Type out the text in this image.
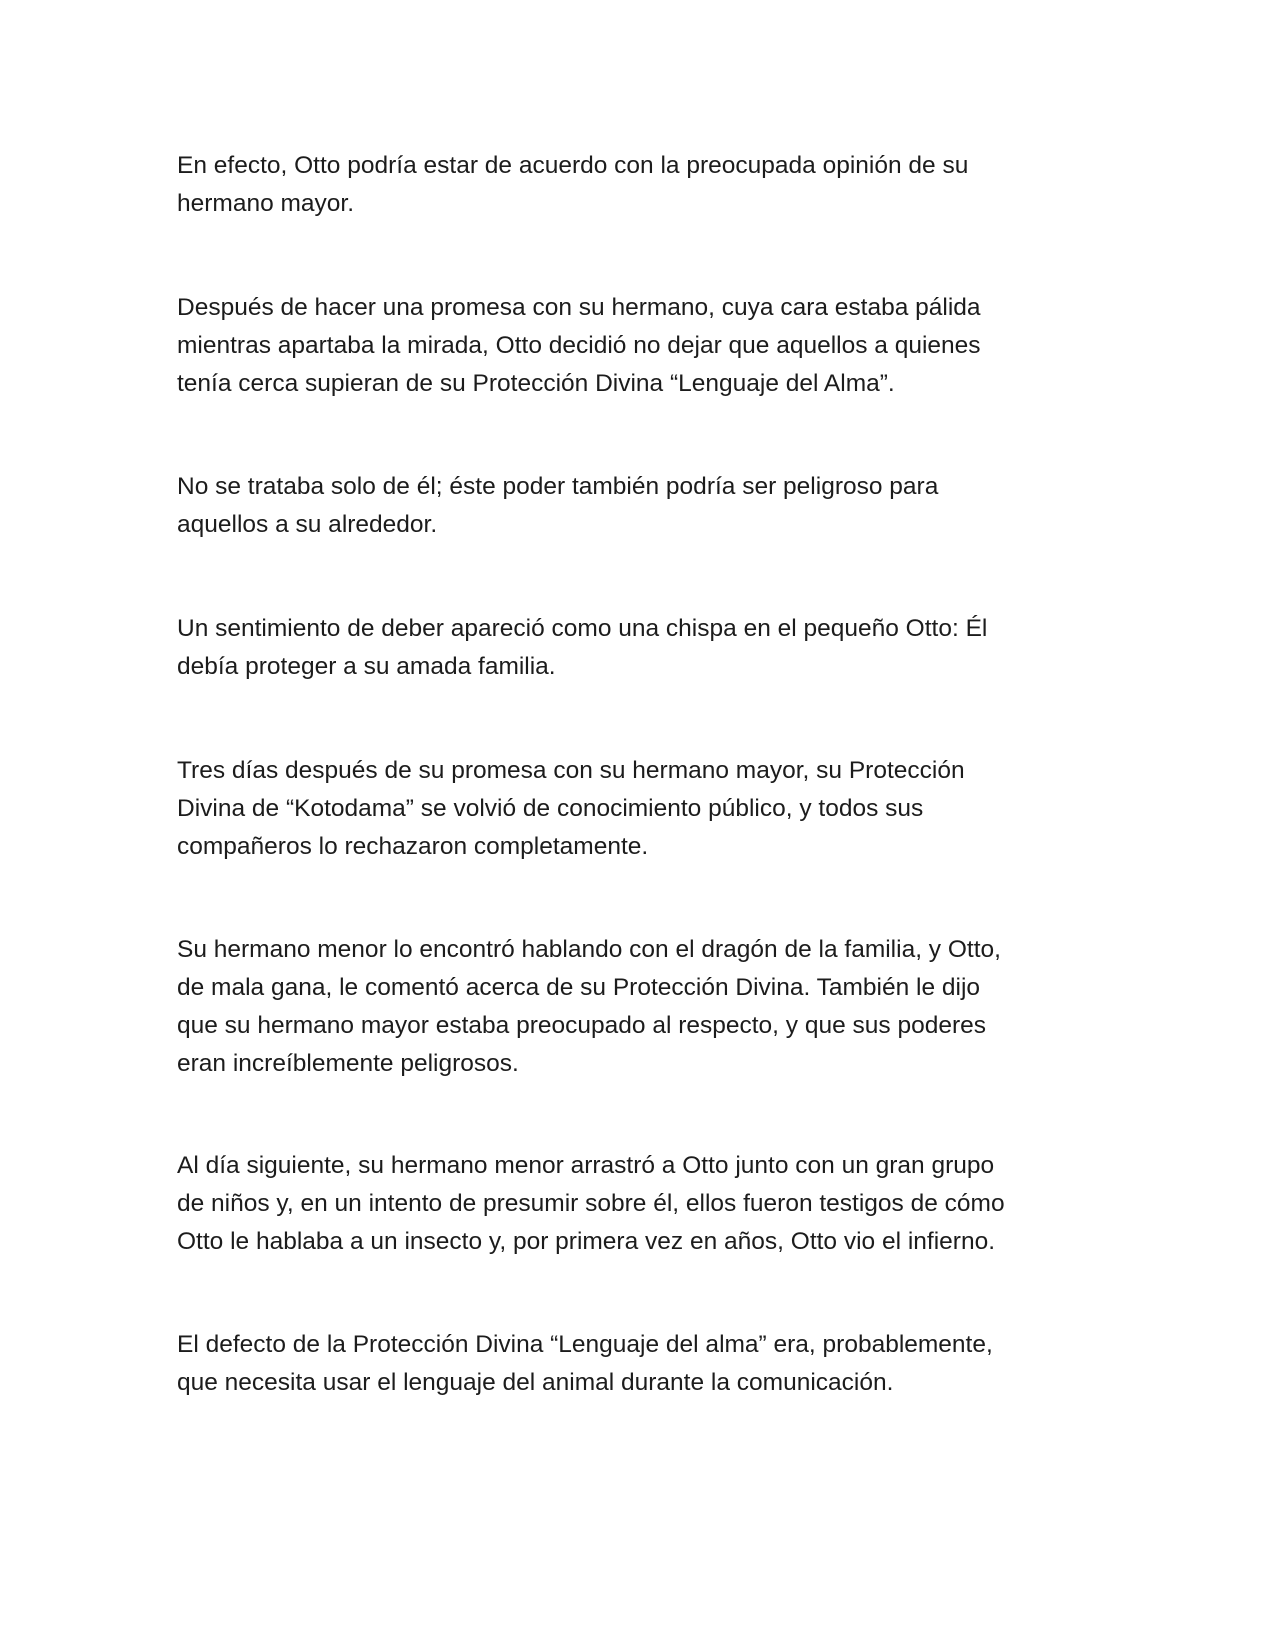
En efecto, Otto podría estar de acuerdo con la preocupada opinión de su
hermano mayor.

Después de hacer una promesa con su hermano, cuya cara estaba pálida
mientras apartaba la mirada, Otto decidió no dejar que aquellos a quienes
tenía cerca supieran de su Protección Divina “Lenguaje del Alma”.

No se trataba solo de él; éste poder también podría ser peligroso para
aquellos a su alrededor.

Un sentimiento de deber apareció como una chispa en el pequeño Otto: Él
debía proteger a su amada familia.

Tres días después de su promesa con su hermano mayor, su Protección
Divina de “Kotodama” se volvió de conocimiento público, y todos sus
compañeros lo rechazaron completamente.

Su hermano menor lo encontró hablando con el dragón de la familia, y Otto,
de mala gana, le comentó acerca de su Protección Divina. También le dijo
que su hermano mayor estaba preocupado al respecto, y que sus poderes
eran increíblemente peligrosos.

Al día siguiente, su hermano menor arrastró a Otto junto con un gran grupo
de niños y, en un intento de presumir sobre él, ellos fueron testigos de cómo
Otto le hablaba a un insecto y, por primera vez en años, Otto vio el infierno.

El defecto de la Protección Divina “Lenguaje del alma” era, probablemente,
que necesita usar el lenguaje del animal durante la comunicación.
